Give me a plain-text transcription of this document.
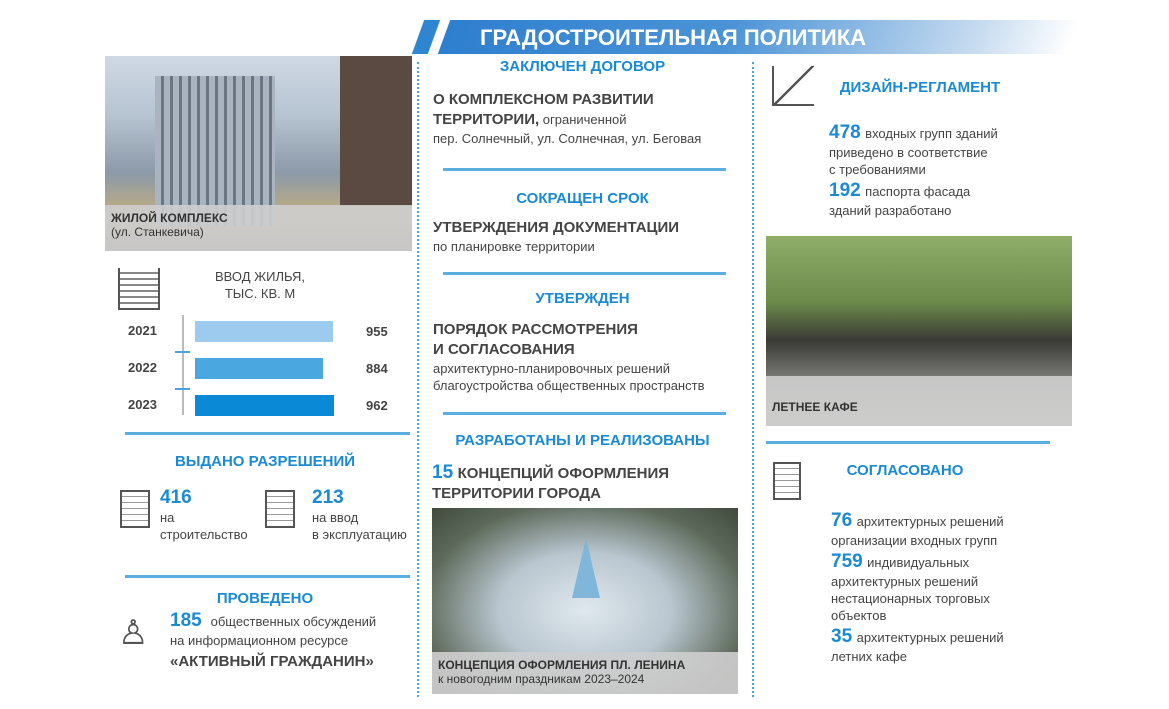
ГРАДОСТРОИТЕЛЬНАЯ ПОЛИТИКА
ЖИЛОЙ КОМПЛЕКС
(ул. Станкевича)
ВВОД ЖИЛЬЯ,
ТЫС. КВ. М
2021	955
2022	884
2023	962
ВЫДАНО РАЗРЕШЕНИЙ
416
на
строительство
213
на ввод
в эксплуатацию
ПРОВЕДЕНО
♙	185 общественных обсуждений
на информационном ресурсе
«АКТИВНЫЙ ГРАЖДАНИН»
ЗАКЛЮЧЕН ДОГОВОР
О КОМПЛЕКСНОМ РАЗВИТИИ
ТЕРРИТОРИИ, ограниченной
пер. Солнечный, ул. Солнечная, ул. Беговая
СОКРАЩЕН СРОК
УТВЕРЖДЕНИЯ ДОКУМЕНТАЦИИ
по планировке территории
УТВЕРЖДЕН
ПОРЯДОК РАССМОТРЕНИЯ
И СОГЛАСОВАНИЯ
архитектурно-планировочных решений
благоустройства общественных пространств
РАЗРАБОТАНЫ И РЕАЛИЗОВАНЫ
15 КОНЦЕПЦИЙ ОФОРМЛЕНИЯ
ТЕРРИТОРИИ ГОРОДА
КОНЦЕПЦИЯ ОФОРМЛЕНИЯ ПЛ. ЛЕНИНА
к новогодним праздникам 2023–2024
ДИЗАЙН-РЕГЛАМЕНТ
478 входных групп зданий
приведено в соответствие
с требованиями
192 паспорта фасада
зданий разработано
ЛЕТНЕЕ КАФЕ
СОГЛАСОВАНО
76 архитектурных решений
организации входных групп
759 индивидуальных
архитектурных решений
нестационарных торговых
объектов
35 архитектурных решений
летних кафе
